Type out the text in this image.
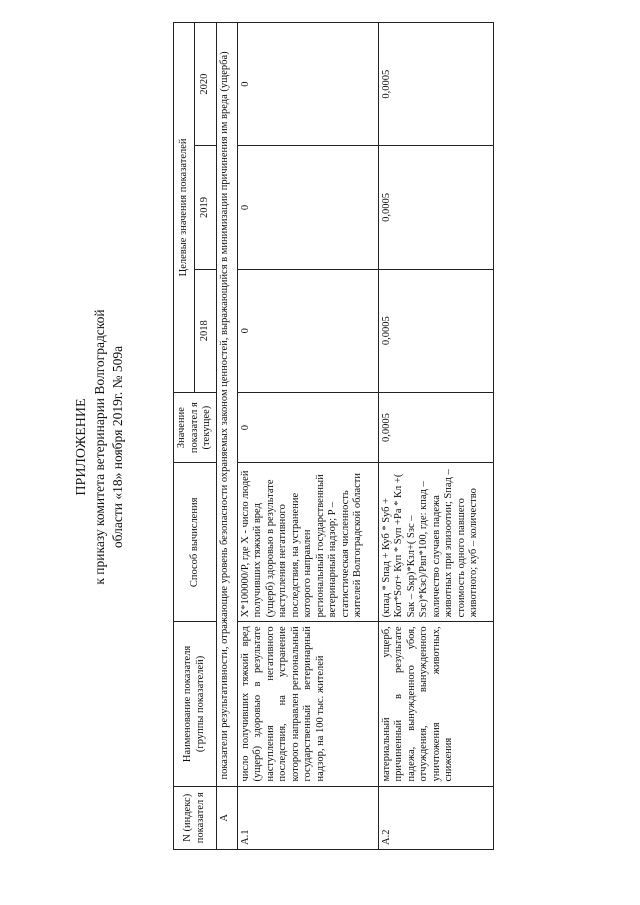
ПРИЛОЖЕНИЕ к приказу комитета ветеринарии Волгоградской области «18» ноября 2019г. № 509а
N (индекс) показател я	Наименование показателя (группы показателей)	Способ вычисления	Значение показател я (текущее)	Целевые значения показателей		
				2018	2019	2020
А	показатели результативности, отражающие уровень безопасности охраняемых законом ценностей, выражающийся в минимизации причинения им вреда (ущерба)					
А.1	число получивших тяжкий вред (ущерб) здоровью в результате наступления негативного последствия, на устранение которого направлен региональный государственный ветеринарный надзор, на 100 тыс. жителей	X*100000/P, где X - число людей получивших тяжкий вред (ущерб) здоровью в результате наступления негативного последствия, на устранение которого направлен региональный государственный ветеринарный надзор; P – статистическая численность жителей Волгоградской области	0	0	0	0
А.2	материальный ущерб, причиненный в результате падежа, вынужденного убоя, отчуждения, вынужденного уничтожения животных, снижения	(кпад * Sпад + Куб * Sуб + Кот*Sот+ Куп * Sуп +Pа * Кл +( Sак – Sкр)*Кзл+( Sзс – Sзс)*Кзс)/Рвп*100, где: кпад – количество случаев падежа животных при эпизоотии; Sпад – стоимость одного павшего животного; куб – количество	0,0005	0,0005	0,0005	0,0005
